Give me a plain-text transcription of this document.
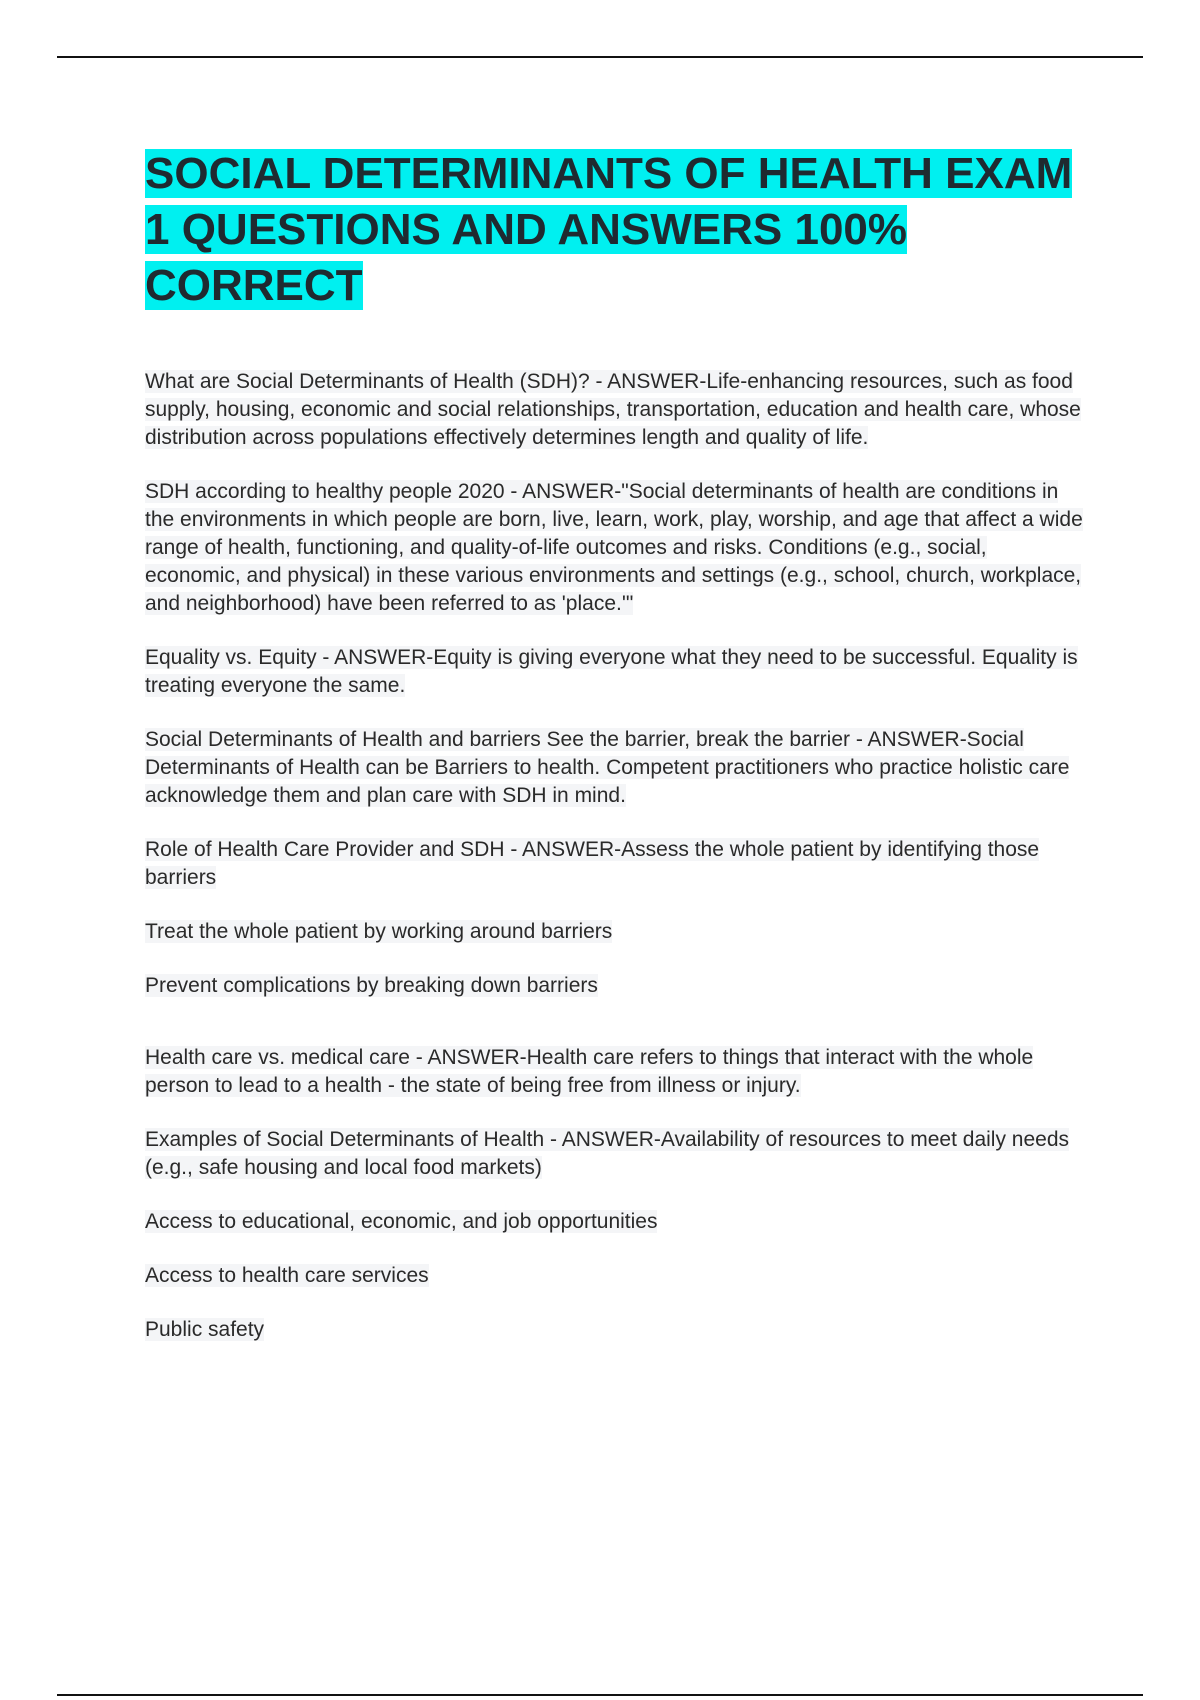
SOCIAL DETERMINANTS OF HEALTH EXAM 1 QUESTIONS AND ANSWERS 100% CORRECT

What are Social Determinants of Health (SDH)? - ANSWER-Life-enhancing resources, such as food supply, housing, economic and social relationships, transportation, education and health care, whose distribution across populations effectively determines length and quality of life.

SDH according to healthy people 2020 - ANSWER-"Social determinants of health are conditions in the environments in which people are born, live, learn, work, play, worship, and age that affect a wide range of health, functioning, and quality-of-life outcomes and risks. Conditions (e.g., social, economic, and physical) in these various environments and settings (e.g., school, church, workplace, and neighborhood) have been referred to as 'place.'"

Equality vs. Equity - ANSWER-Equity is giving everyone what they need to be successful. Equality is treating everyone the same.

Social Determinants of Health and barriers See the barrier, break the barrier - ANSWER-Social Determinants of Health can be Barriers to health. Competent practitioners who practice holistic care acknowledge them and plan care with SDH in mind.

Role of Health Care Provider and SDH - ANSWER-Assess the whole patient by identifying those barriers

Treat the whole patient by working around barriers

Prevent complications by breaking down barriers

Health care vs. medical care - ANSWER-Health care refers to things that interact with the whole person to lead to a health - the state of being free from illness or injury.

Examples of Social Determinants of Health - ANSWER-Availability of resources to meet daily needs (e.g., safe housing and local food markets)

Access to educational, economic, and job opportunities

Access to health care services

Public safety
